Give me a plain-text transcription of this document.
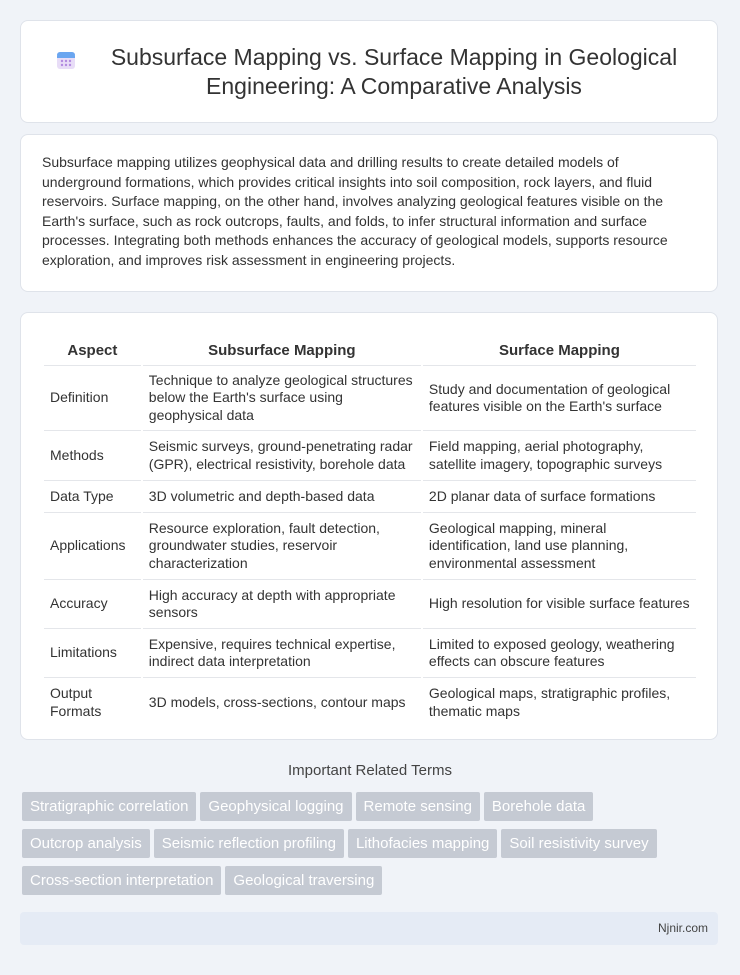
Subsurface Mapping vs. Surface Mapping in Geological Engineering: A Comparative Analysis

Subsurface mapping utilizes geophysical data and drilling results to create detailed models of underground formations, which provides critical insights into soil composition, rock layers, and fluid reservoirs. Surface mapping, on the other hand, involves analyzing geological features visible on the Earth's surface, such as rock outcrops, faults, and folds, to infer structural information and surface processes. Integrating both methods enhances the accuracy of geological models, supports resource exploration, and improves risk assessment in engineering projects.

Aspect	Subsurface Mapping	Surface Mapping
Definition	Technique to analyze geological structures below the Earth's surface using geophysical data	Study and documentation of geological features visible on the Earth's surface
Methods	Seismic surveys, ground-penetrating radar (GPR), electrical resistivity, borehole data	Field mapping, aerial photography, satellite imagery, topographic surveys
Data Type	3D volumetric and depth-based data	2D planar data of surface formations
Applications	Resource exploration, fault detection, groundwater studies, reservoir characterization	Geological mapping, mineral identification, land use planning, environmental assessment
Accuracy	High accuracy at depth with appropriate sensors	High resolution for visible surface features
Limitations	Expensive, requires technical expertise, indirect data interpretation	Limited to exposed geology, weathering effects can obscure features
Output Formats	3D models, cross-sections, contour maps	Geological maps, stratigraphic profiles, thematic maps
Important Related Terms
Stratigraphic correlation Geophysical logging Remote sensing Borehole data
Outcrop analysis Seismic reflection profiling Lithofacies mapping Soil resistivity survey
Cross-section interpretation Geological traversing
Njnir.com
